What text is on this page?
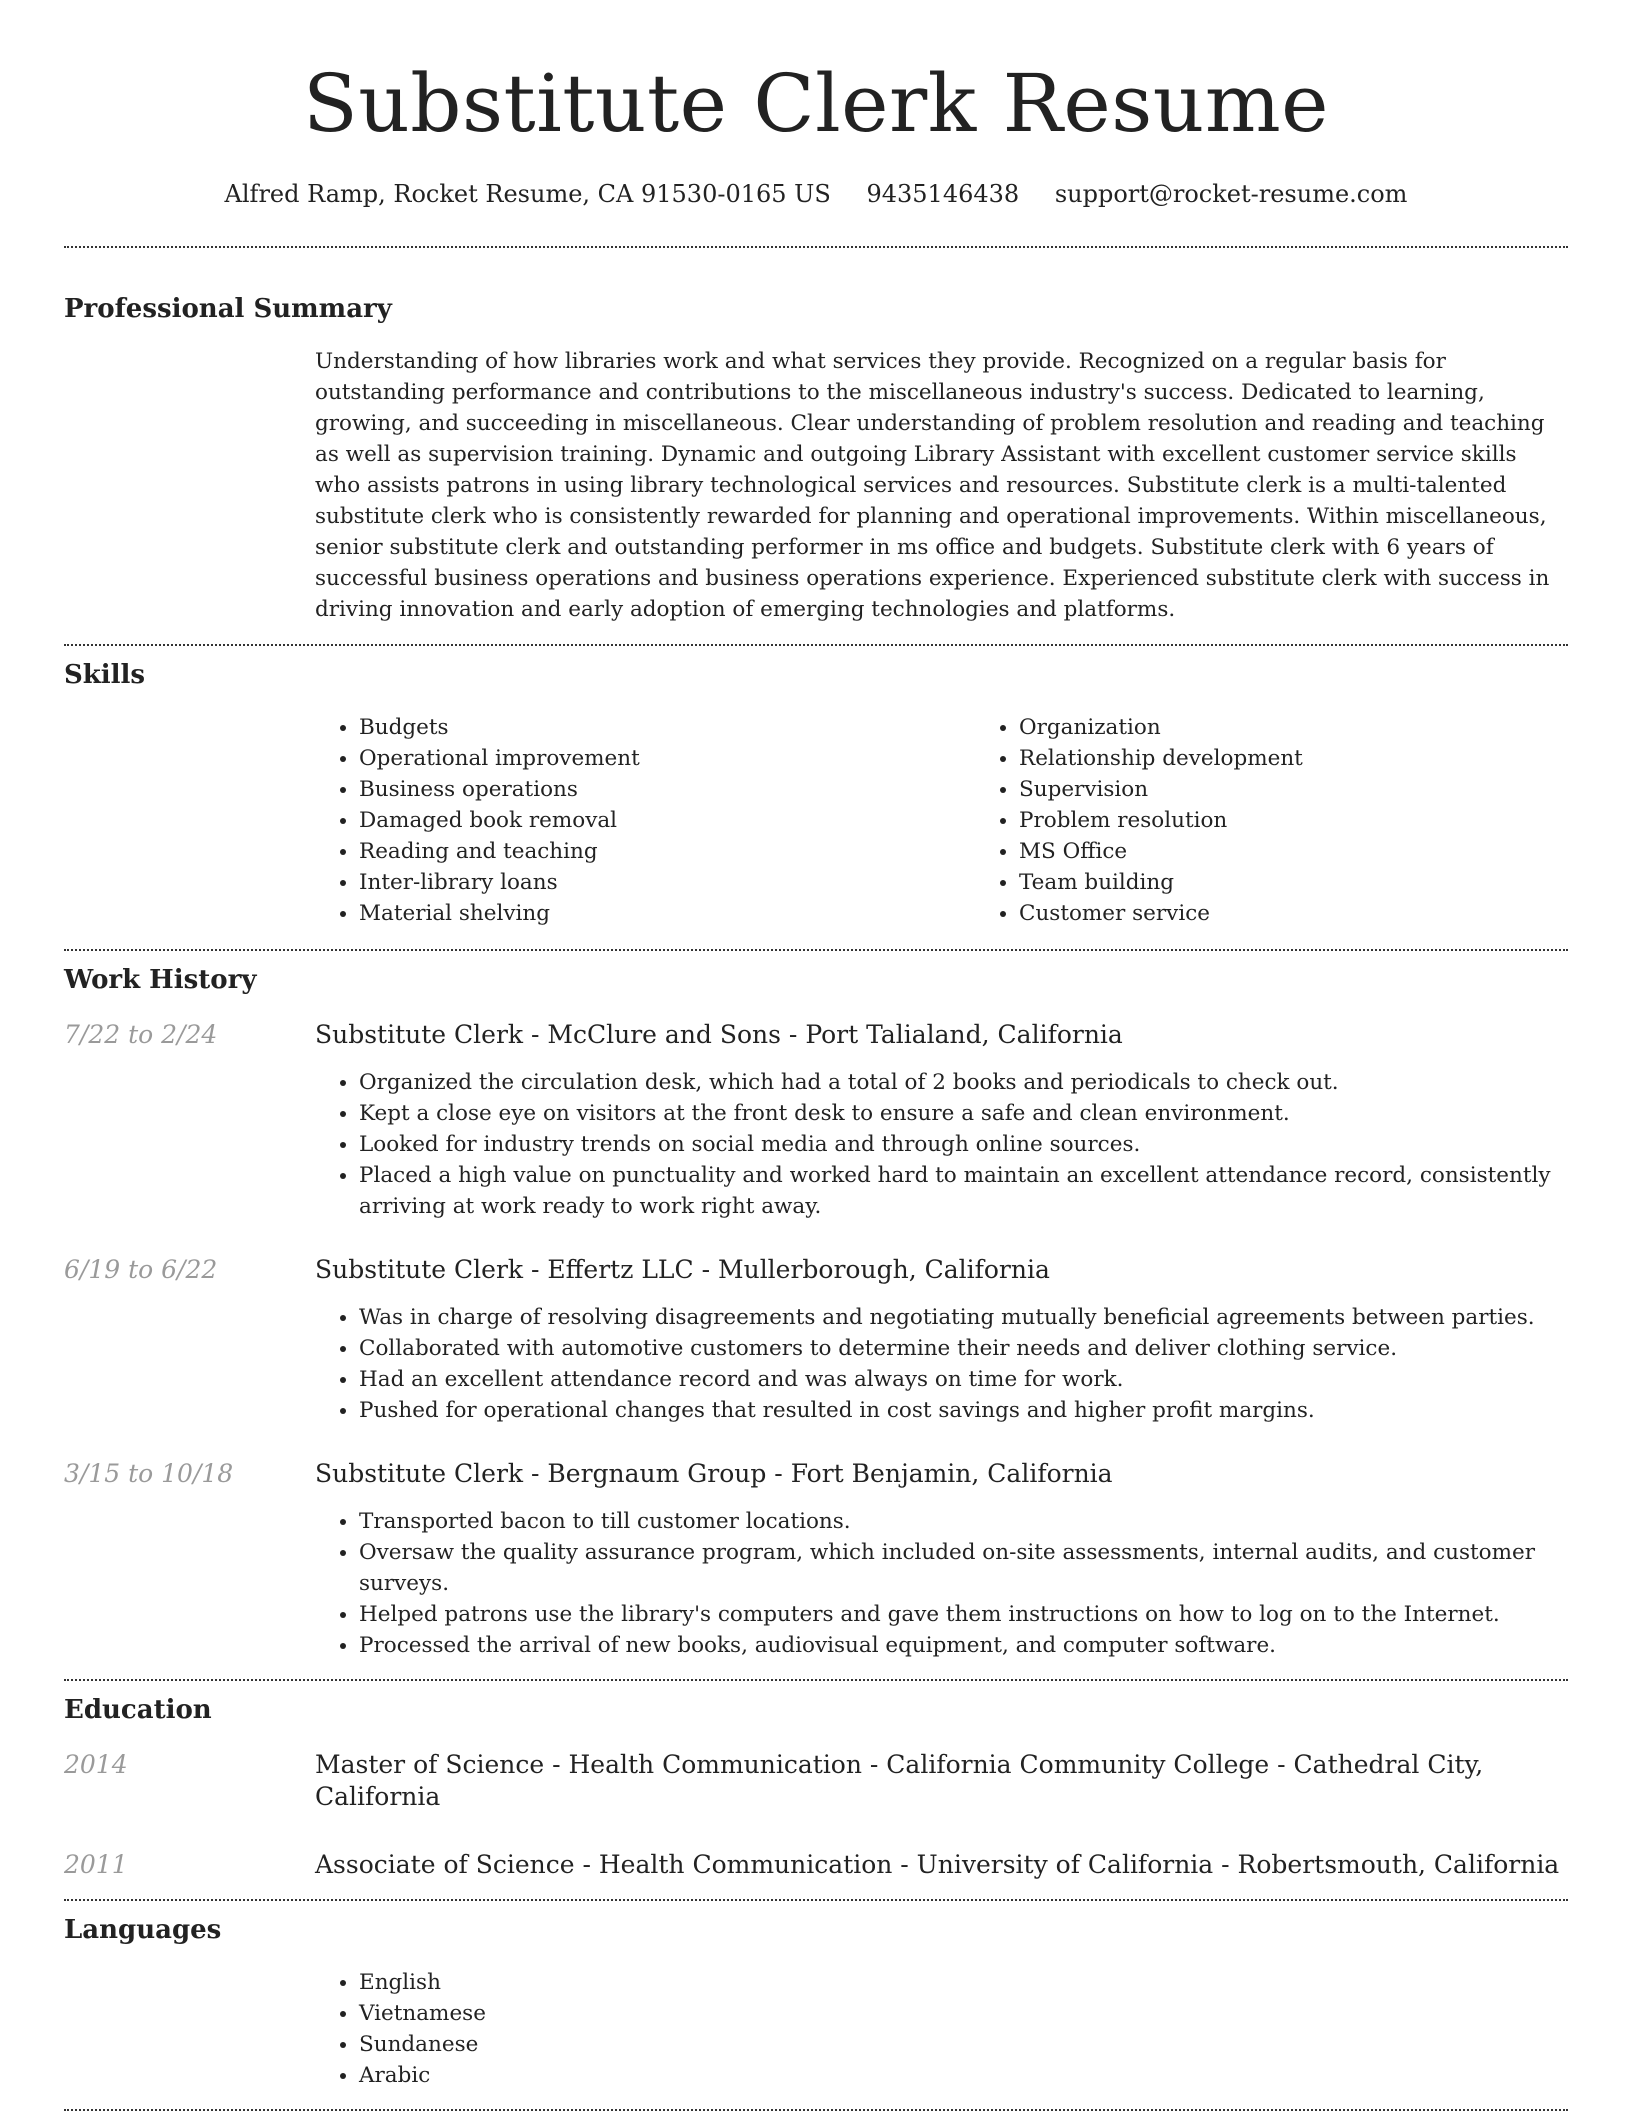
Substitute Clerk Resume
Alfred Ramp, Rocket Resume, CA 91530-0165 US 9435146438 support@rocket-resume.com
Professional Summary

Understanding of how libraries work and what services they provide. Recognized on a regular basis for outstanding performance and contributions to the miscellaneous industry's success. Dedicated to learning, growing, and succeeding in miscellaneous. Clear understanding of problem resolution and reading and teaching as well as supervision training. Dynamic and outgoing Library Assistant with excellent customer service skills who assists patrons in using library technological services and resources. Substitute clerk is a multi-talented substitute clerk who is consistently rewarded for planning and operational improvements. Within miscellaneous, senior substitute clerk and outstanding performer in ms office and budgets. Substitute clerk with 6 years of successful business operations and business operations experience. Experienced substitute clerk with success in driving innovation and early adoption of emerging technologies and platforms.

Skills
• Budgets
• Operational improvement
• Business operations
• Damaged book removal
• Reading and teaching
• Inter-library loans
• Material shelving
• Organization
• Relationship development
• Supervision
• Problem resolution
• MS Office
• Team building
• Customer service
Work History
7/22 to 2/24	Substitute Clerk - McClure and Sons - Port Talialand, California
• Organized the circulation desk, which had a total of 2 books and periodicals to check out.
• Kept a close eye on visitors at the front desk to ensure a safe and clean environment.
• Looked for industry trends on social media and through online sources.
• Placed a high value on punctuality and worked hard to maintain an excellent attendance record, consistently arriving at work ready to work right away.
6/19 to 6/22	Substitute Clerk - Effertz LLC - Mullerborough, California
• Was in charge of resolving disagreements and negotiating mutually beneficial agreements between parties.
• Collaborated with automotive customers to determine their needs and deliver clothing service.
• Had an excellent attendance record and was always on time for work.
• Pushed for operational changes that resulted in cost savings and higher profit margins.
3/15 to 10/18	Substitute Clerk - Bergnaum Group - Fort Benjamin, California
• Transported bacon to till customer locations.
• Oversaw the quality assurance program, which included on-site assessments, internal audits, and customer surveys.
• Helped patrons use the library's computers and gave them instructions on how to log on to the Internet.
• Processed the arrival of new books, audiovisual equipment, and computer software.
Education
2014	Master of Science - Health Communication - California Community College - Cathedral City, California
2011	Associate of Science - Health Communication - University of California - Robertsmouth, California
Languages
• English
• Vietnamese
• Sundanese
• Arabic
